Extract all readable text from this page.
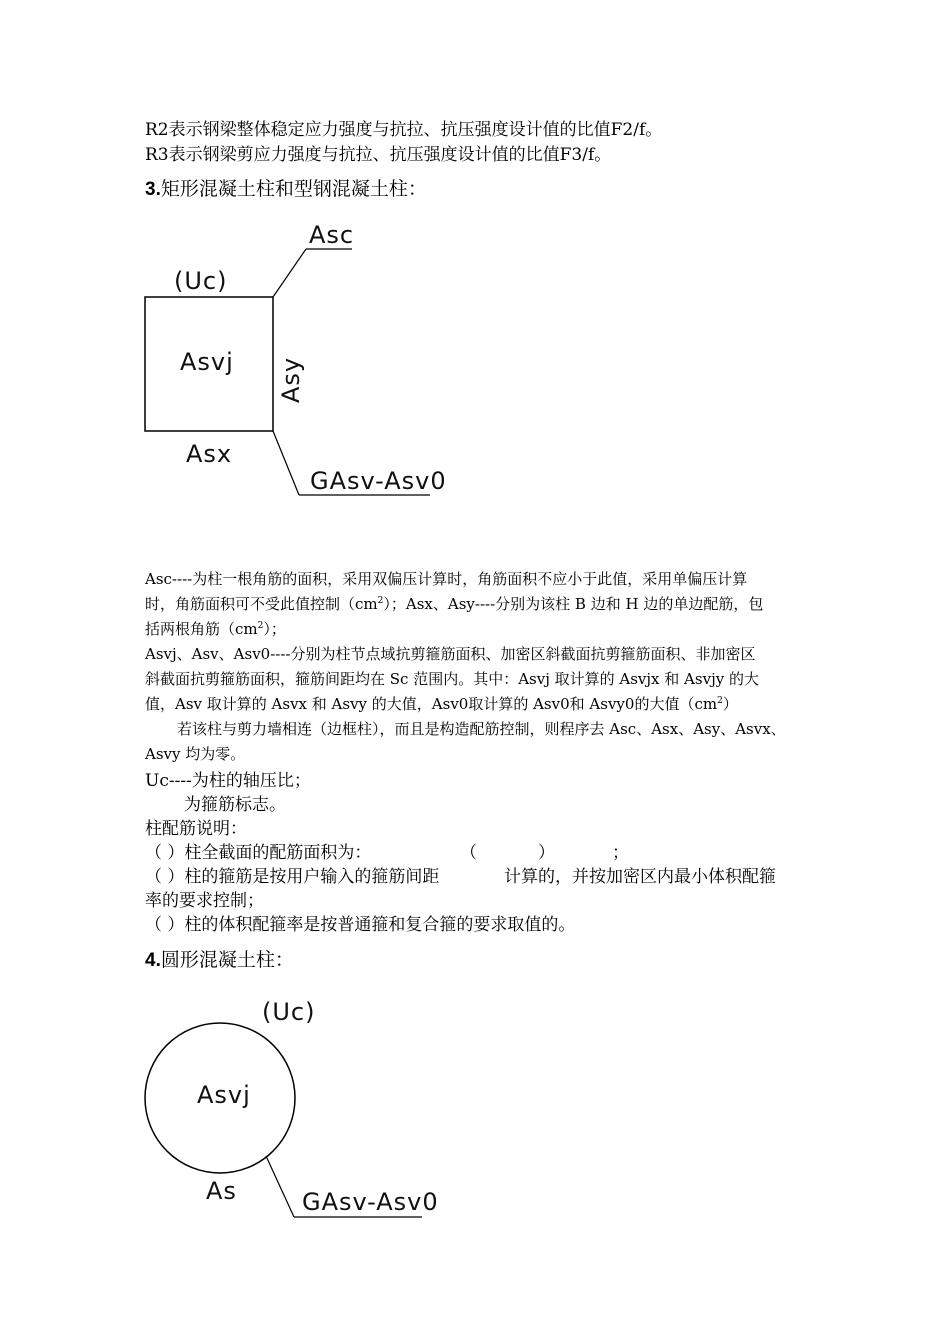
R2表示钢梁整体稳定应力强度与抗拉、抗压强度设计值的比值F2/f。
R3表示钢梁剪应力强度与抗拉、抗压强度设计值的比值F3/f。
3.矩形混凝土柱和型钢混凝土柱：
Asc
(Uc)
Asvj Asy
Asx
GAsv-Asv0
(Uc)
Asvj
As	GAsv-Asv0
Asc----为柱一根角筋的面积，采用双偏压计算时，角筋面积不应小于此值，采用单偏压计算
时，角筋面积可不受此值控制$(cm^2)$；Asx、Asy----分别为该柱 B 边和 H 边的单边配筋，包
括两根角筋$(cm^2)$；
Asvj、Asv、Asv0----分别为柱节点域抗剪箍筋面积、加密区斜截面抗剪箍筋面积、非加密区
斜截面抗剪箍筋面积，箍筋间距均在 Sc 范围内。其中：Asvj 取计算的 Asvjx 和 Asvjy 的大
值，Asv 取计算的 Asvx 和 Asvy 的大值，Asv0取计算的 Asv0和 Asvy0的大值$(cm^2)$
若该柱与剪力墙相连（边框柱），而且是构造配筋控制，则程序去 Asc、Asx、Asy、Asvx、
Asvy 均为零。
Uc----为柱的轴压比；
为箍筋标志。
柱配筋说明：
（ ）柱全截面的配筋面积为：	（	）	；
（ ）柱的箍筋是按用户输入的箍筋间距	计算的，并按加密区内最小体积配箍
率的要求控制；
（ ）柱的体积配箍率是按普通箍和复合箍的要求取值的。
4.圆形混凝土柱：
